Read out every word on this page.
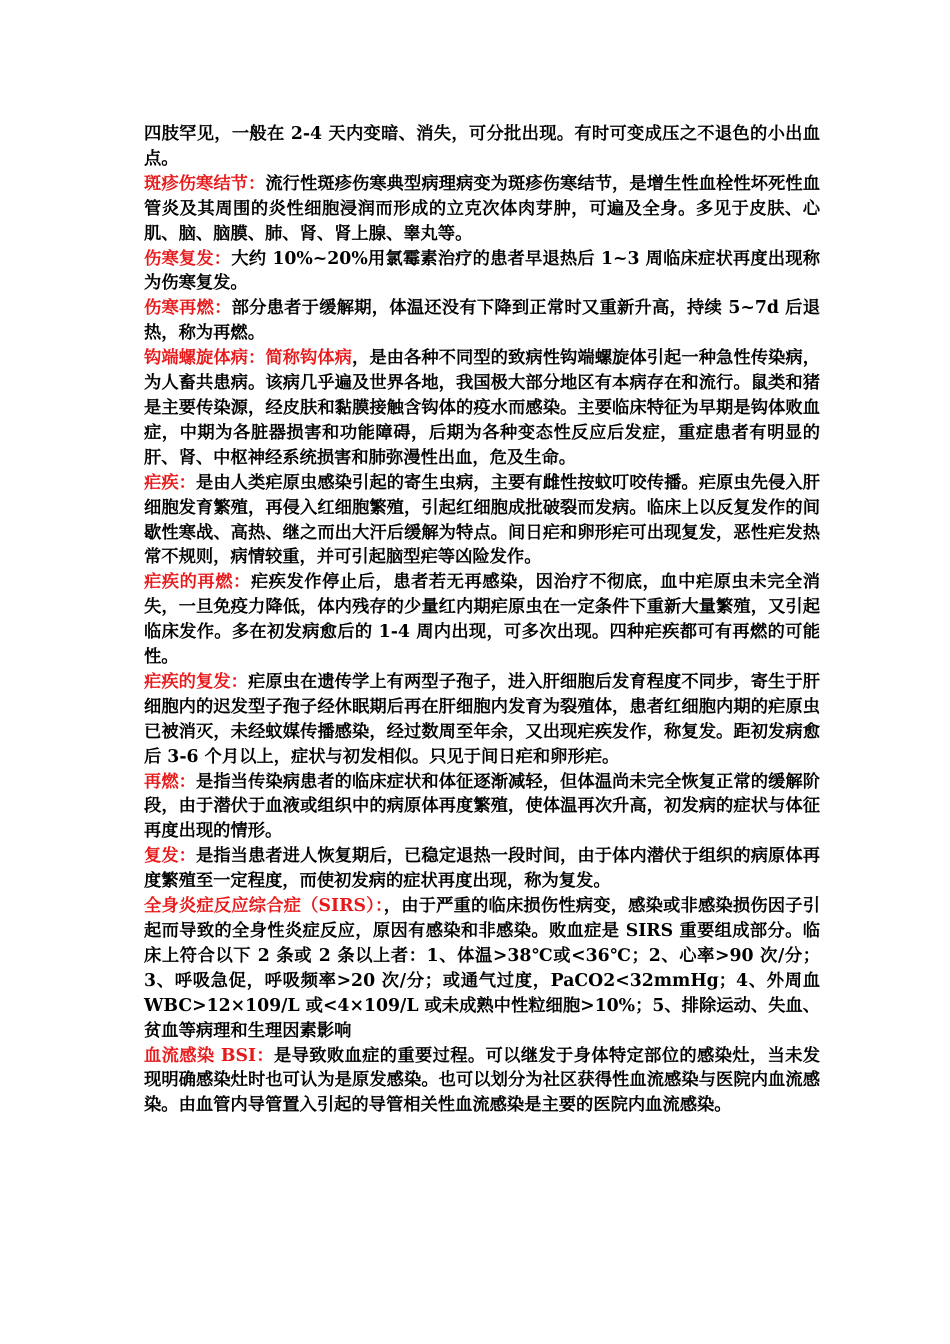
四肢罕见，一般在 2-4 天内变暗、消失，可分批出现。有时可变成压之不退色的小出血点。

斑疹伤寒结节：流行性斑疹伤寒典型病理病变为斑疹伤寒结节，是增生性血栓性坏死性血管炎及其周围的炎性细胞浸润而形成的立克次体肉芽肿，可遍及全身。多见于皮肤、心肌、脑、脑膜、肺、肾、肾上腺、睾丸等。

伤寒复发：大约 10%~20%用氯霉素治疗的患者早退热后 1~3 周临床症状再度出现称为伤寒复发。

伤寒再燃：部分患者于缓解期，体温还没有下降到正常时又重新升高，持续 5~7d 后退热，称为再燃。

钩端螺旋体病：简称钩体病，是由各种不同型的致病性钩端螺旋体引起一种急性传染病，为人畜共患病。该病几乎遍及世界各地，我国极大部分地区有本病存在和流行。鼠类和猪是主要传染源，经皮肤和黏膜接触含钩体的疫水而感染。主要临床特征为早期是钩体败血症，中期为各脏器损害和功能障碍，后期为各种变态性反应后发症，重症患者有明显的肝、肾、中枢神经系统损害和肺弥漫性出血，危及生命。

疟疾：是由人类疟原虫感染引起的寄生虫病，主要有雌性按蚊叮咬传播。疟原虫先侵入肝细胞发育繁殖，再侵入红细胞繁殖，引起红细胞成批破裂而发病。临床上以反复发作的间歇性寒战、高热、继之而出大汗后缓解为特点。间日疟和卵形疟可出现复发，恶性疟发热常不规则，病情较重，并可引起脑型疟等凶险发作。

疟疾的再燃：疟疾发作停止后，患者若无再感染，因治疗不彻底，血中疟原虫未完全消失，一旦免疫力降低，体内残存的少量红内期疟原虫在一定条件下重新大量繁殖，又引起临床发作。多在初发病愈后的 1-4 周内出现，可多次出现。四种疟疾都可有再燃的可能性。

疟疾的复发：疟原虫在遗传学上有两型子孢子，进入肝细胞后发育程度不同步，寄生于肝细胞内的迟发型子孢子经休眠期后再在肝细胞内发育为裂殖体，患者红细胞内期的疟原虫已被消灭，未经蚊媒传播感染，经过数周至年余，又出现疟疾发作，称复发。距初发病愈后 3-6 个月以上，症状与初发相似。只见于间日疟和卵形疟。

再燃：是指当传染病患者的临床症状和体征逐渐减轻，但体温尚未完全恢复正常的缓解阶段，由于潜伏于血液或组织中的病原体再度繁殖，使体温再次升高，初发病的症状与体征再度出现的情形。

复发：是指当患者进人恢复期后，已稳定退热一段时间，由于体内潜伏于组织的病原体再度繁殖至一定程度，而使初发病的症状再度出现，称为复发。

全身炎症反应综合症（SIRS）：，由于严重的临床损伤性病变，感染或非感染损伤因子引起而导致的全身性炎症反应，原因有感染和非感染。败血症是 SIRS 重要组成部分。临床上符合以下 2 条或 2 条以上者：1、体温>38℃或<36℃；2、心率>90 次/分；3、呼吸急促，呼吸频率>20 次/分；或通气过度，PaCO2<32mmHg；4、外周血 WBC>12×109/L 或<4×109/L 或未成熟中性粒细胞>10%；5、排除运动、失血、贫血等病理和生理因素影响

血流感染 BSI：是导致败血症的重要过程。可以继发于身体特定部位的感染灶，当未发现明确感染灶时也可认为是原发感染。也可以划分为社区获得性血流感染与医院内血流感染。由血管内导管置入引起的导管相关性血流感染是主要的医院内血流感染。
